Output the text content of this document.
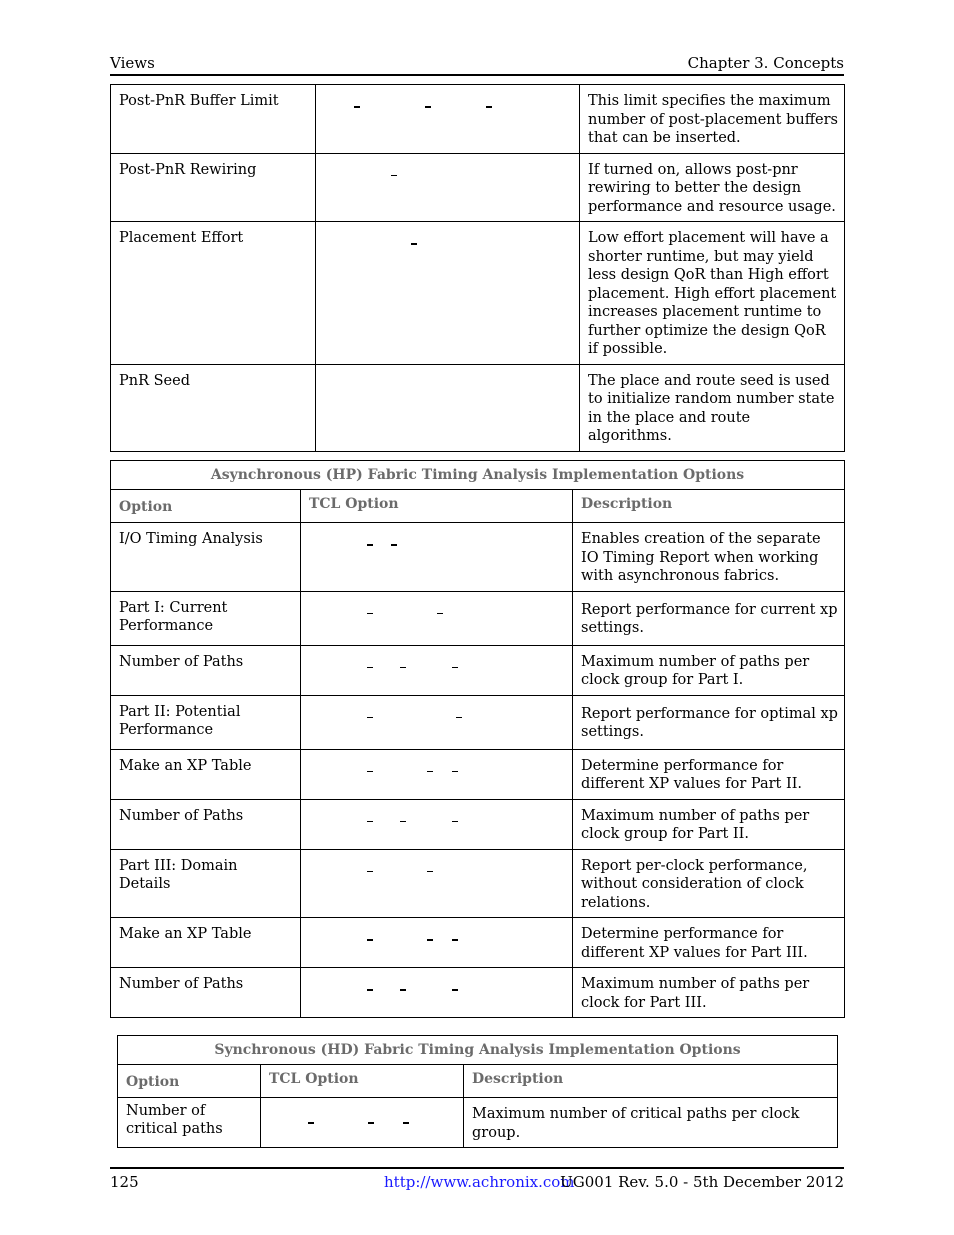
Views	Chapter 3. Concepts
Post-PnR Buffer Limit		This limit specifies the maximum number of post-placement buffers that can be inserted.
Post-PnR Rewiring		If turned on, allows post-pnr rewiring to better the design performance and resource usage.
Placement Effort		Low effort placement will have a shorter runtime, but may yield less design QoR than High effort placement. High effort placement increases placement runtime to further optimize the design QoR if possible.
PnR Seed		The place and route seed is used to initialize random number state in the place and route algorithms.
Asynchronous (HP) Fabric Timing Analysis Implementation Options		
Option	TCL Option	Description
I/O Timing Analysis		Enables creation of the separate IO Timing Report when working with asynchronous fabrics.
Part I: Current Performance		Report performance for current xp settings.
Number of Paths		Maximum number of paths per clock group for Part I.
Part II: Potential Performance		Report performance for optimal xp settings.
Make an XP Table		Determine performance for different XP values for Part II.
Number of Paths		Maximum number of paths per clock group for Part II.
Part III: Domain Details		Report per-clock performance, without consideration of clock relations.
Make an XP Table		Determine performance for different XP values for Part III.
Number of Paths		Maximum number of paths per clock for Part III.
Synchronous (HD) Fabric Timing Analysis Implementation Options		
Option	TCL Option	Description
Number of critical paths		Maximum number of critical paths per clock group.
125	http://www.achronix.com
UG001 Rev. 5.0 - 5th December 2012
